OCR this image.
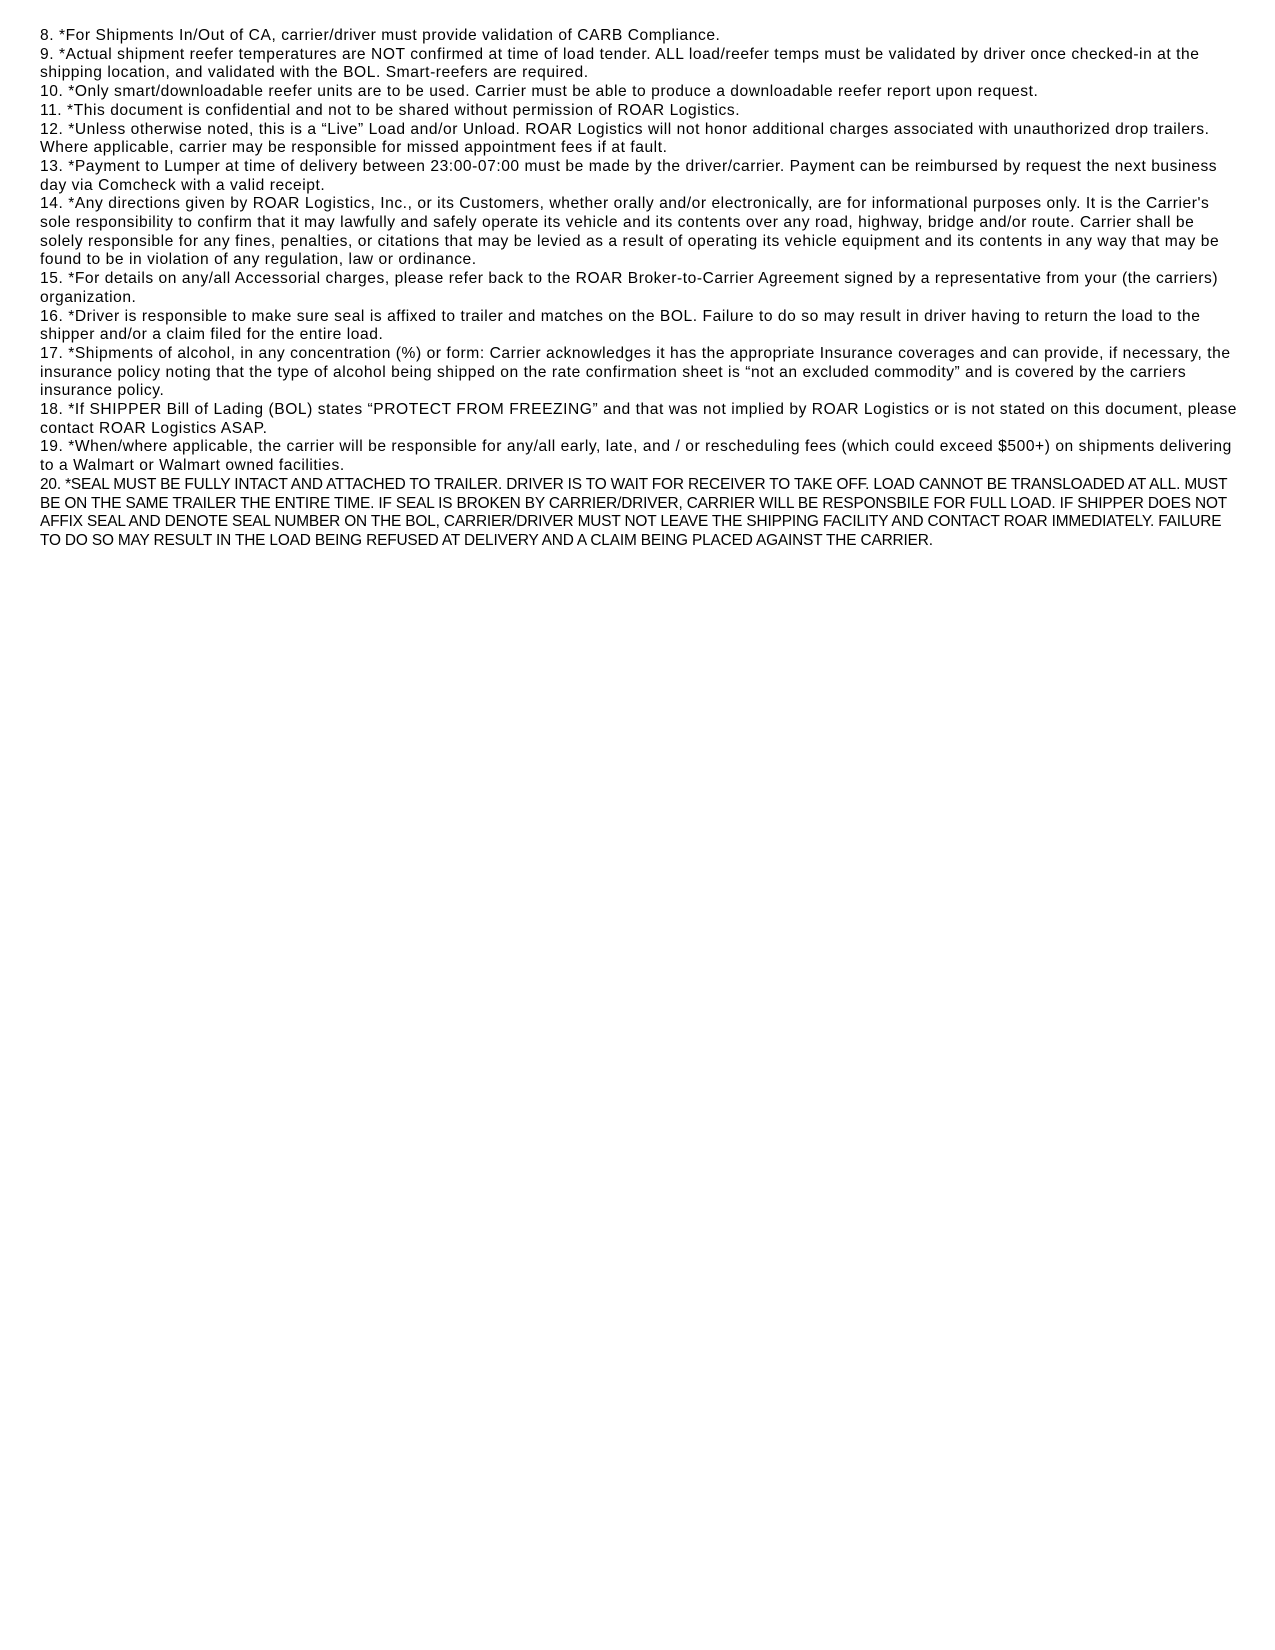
8. *For Shipments In/Out of CA, carrier/driver must provide validation of CARB Compliance.

9. *Actual shipment reefer temperatures are NOT confirmed at time of load tender. ALL load/reefer temps must be validated by driver once checked-in at the shipping location, and validated with the BOL. Smart-reefers are required.

10. *Only smart/downloadable reefer units are to be used. Carrier must be able to produce a downloadable reefer report upon request.

11. *This document is confidential and not to be shared without permission of ROAR Logistics.

12. *Unless otherwise noted, this is a “Live” Load and/or Unload. ROAR Logistics will not honor additional charges associated with unauthorized drop trailers. Where applicable, carrier may be responsible for missed appointment fees if at fault.

13. *Payment to Lumper at time of delivery between 23:00-07:00 must be made by the driver/carrier. Payment can be reimbursed by request the next business day via Comcheck with a valid receipt.

14. *Any directions given by ROAR Logistics, Inc., or its Customers, whether orally and/or electronically, are for informational purposes only. It is the Carrier's sole responsibility to confirm that it may lawfully and safely operate its vehicle and its contents over any road, highway, bridge and/or route. Carrier shall be solely responsible for any fines, penalties, or citations that may be levied as a result of operating its vehicle equipment and its contents in any way that may be found to be in violation of any regulation, law or ordinance.

15. *For details on any/all Accessorial charges, please refer back to the ROAR Broker-to-Carrier Agreement signed by a representative from your (the carriers) organization.

16. *Driver is responsible to make sure seal is affixed to trailer and matches on the BOL. Failure to do so may result in driver having to return the load to the shipper and/or a claim filed for the entire load.

17. *Shipments of alcohol, in any concentration (%) or form: Carrier acknowledges it has the appropriate Insurance coverages and can provide, if necessary, the insurance policy noting that the type of alcohol being shipped on the rate confirmation sheet is “not an excluded commodity” and is covered by the carriers insurance policy.

18. *If SHIPPER Bill of Lading (BOL) states “PROTECT FROM FREEZING” and that was not implied by ROAR Logistics or is not stated on this document, please contact ROAR Logistics ASAP.

19. *When/where applicable, the carrier will be responsible for any/all early, late, and / or rescheduling fees (which could exceed $500+) on shipments delivering to a Walmart or Walmart owned facilities.

20. *SEAL MUST BE FULLY INTACT AND ATTACHED TO TRAILER. DRIVER IS TO WAIT FOR RECEIVER TO TAKE OFF. LOAD CANNOT BE TRANSLOADED AT ALL. MUST BE ON THE SAME TRAILER THE ENTIRE TIME. IF SEAL IS BROKEN BY CARRIER/DRIVER, CARRIER WILL BE RESPONSBILE FOR FULL LOAD. IF SHIPPER DOES NOT AFFIX SEAL AND DENOTE SEAL NUMBER ON THE BOL, CARRIER/DRIVER MUST NOT LEAVE THE SHIPPING FACILITY AND CONTACT ROAR IMMEDIATELY. FAILURE TO DO SO MAY RESULT IN THE LOAD BEING REFUSED AT DELIVERY AND A CLAIM BEING PLACED AGAINST THE CARRIER.
